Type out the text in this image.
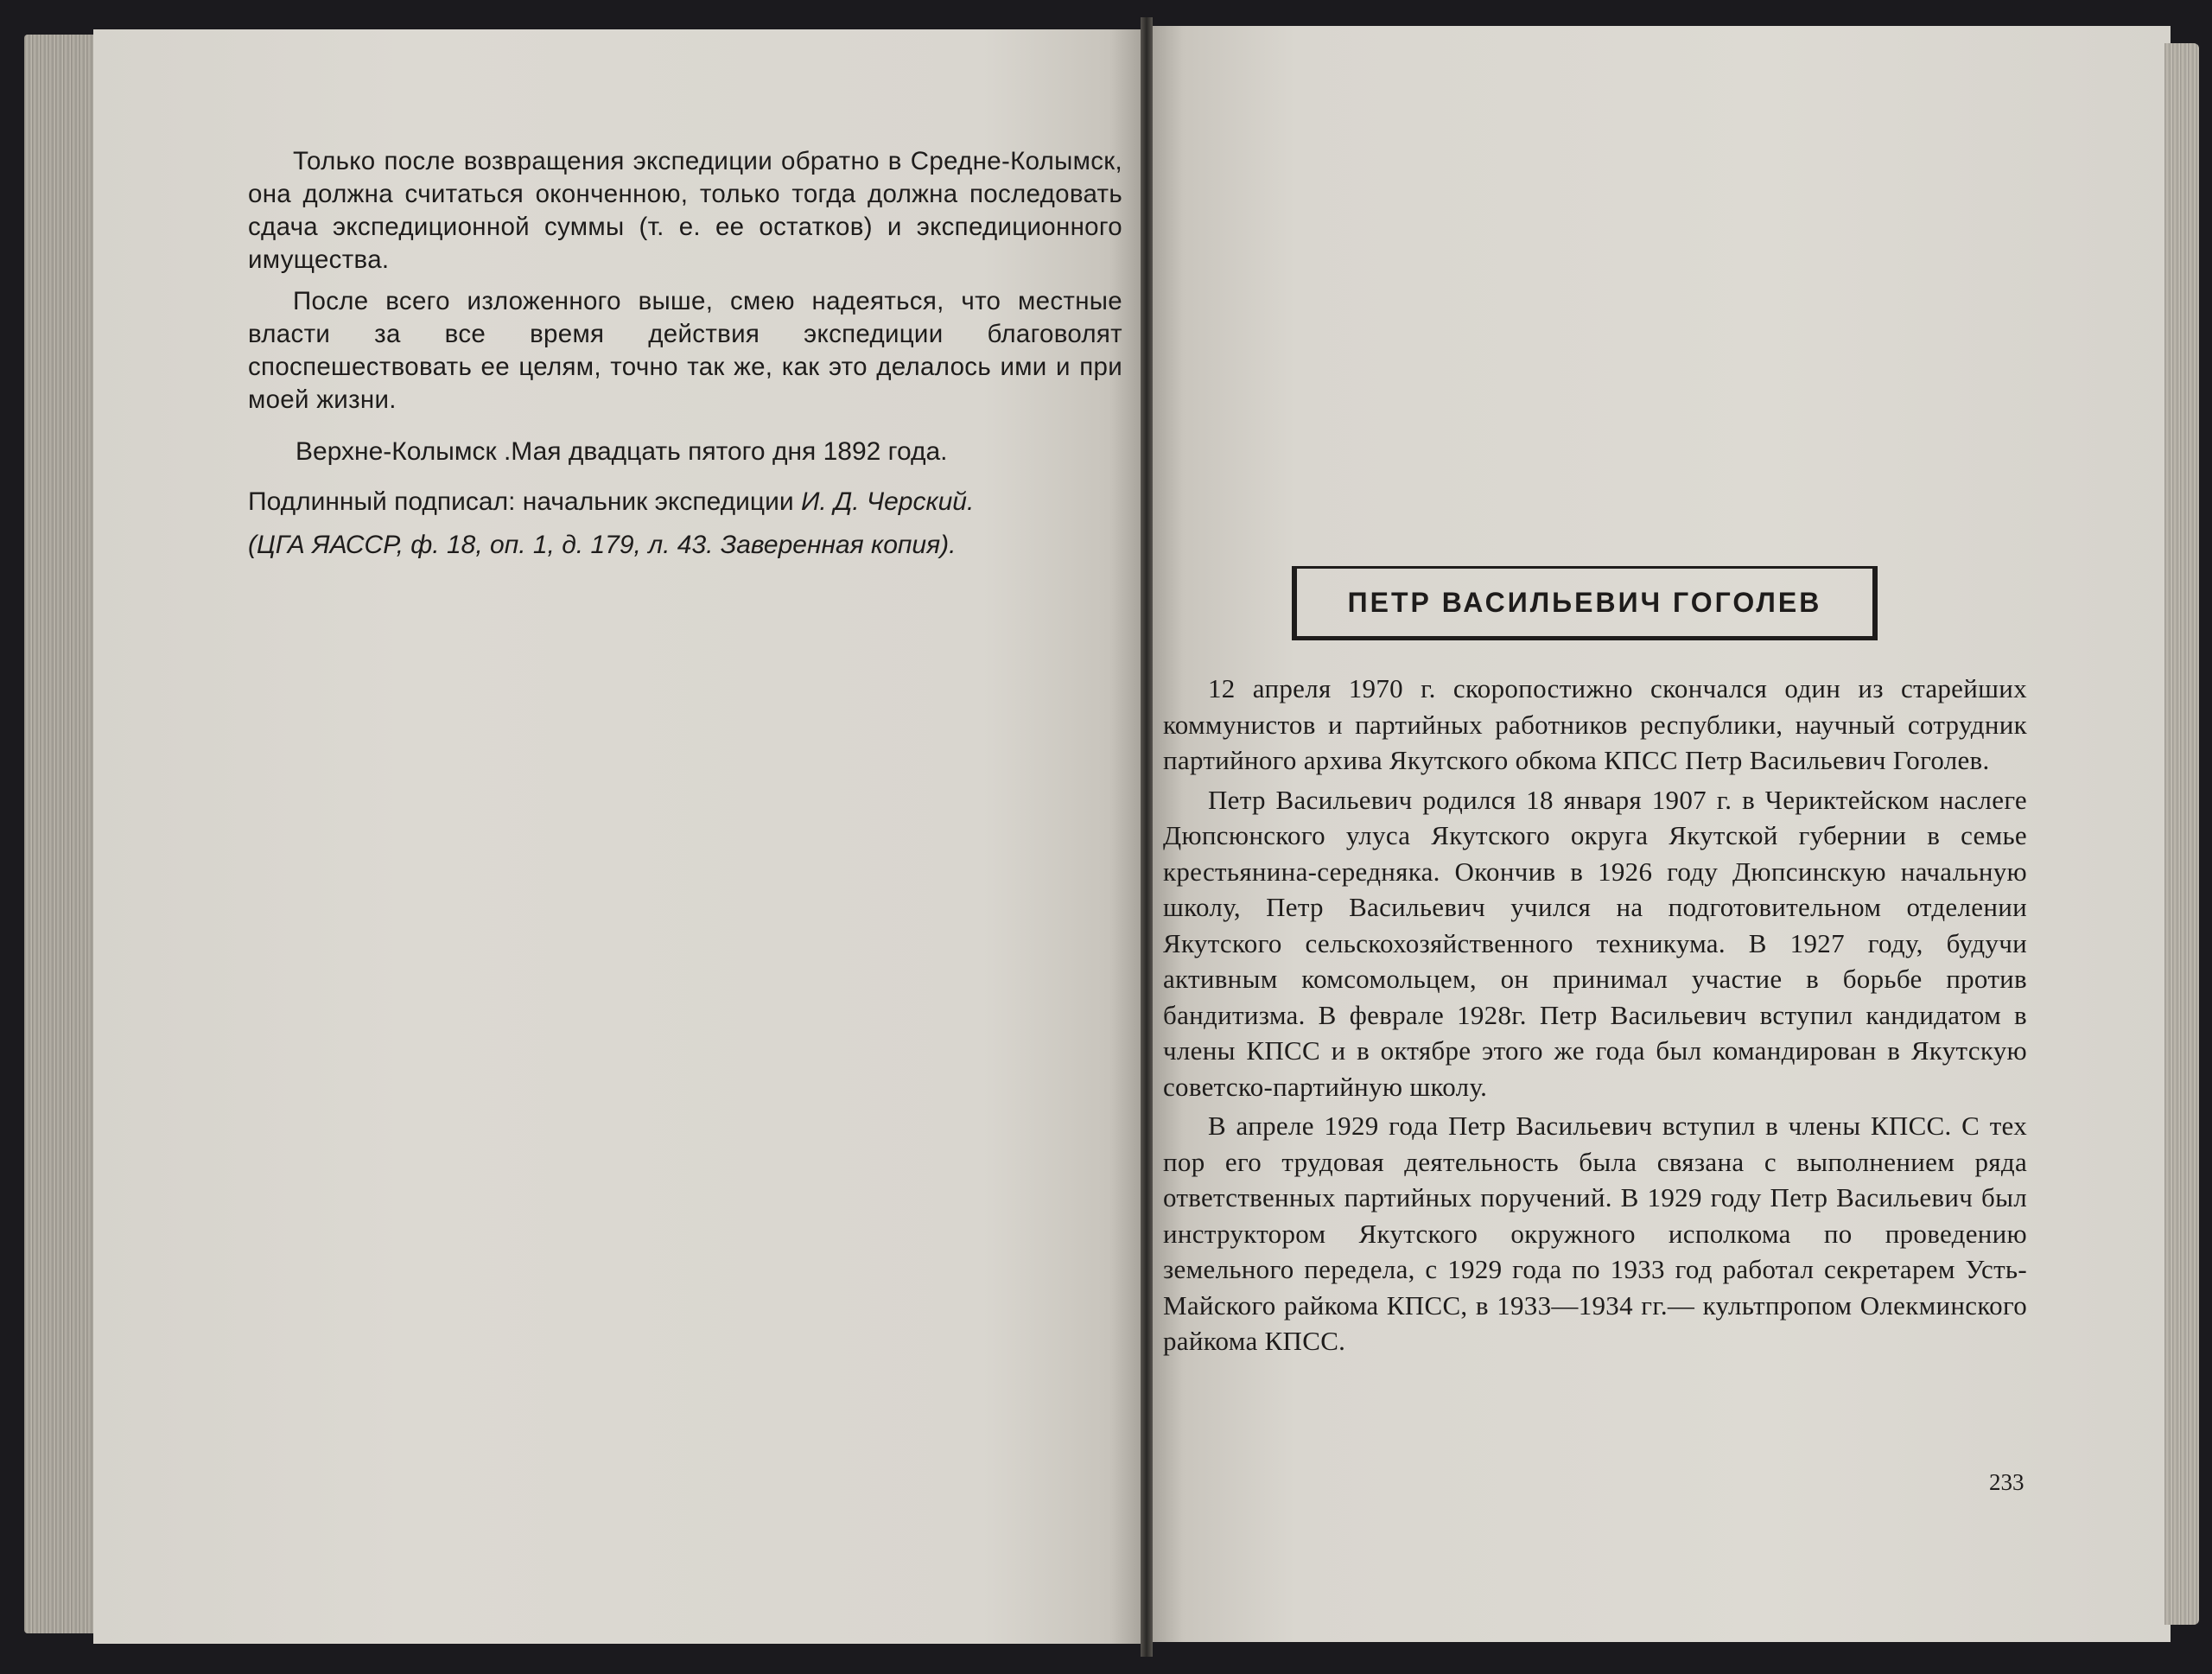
Только после возвращения экспедиции обратно в Средне-Колымск, она должна считаться оконченною, только тогда должна последовать сдача экспедиционной суммы (т. е. ее остатков) и экспедиционного имущества.

После всего изложенного выше, смею надеяться, что местные власти за все время действия экспедиции благоволят споспешествовать ее целям, точно так же, как это делалось ими и при моей жизни.

Верхне-Колымск .Мая двадцать пятого дня 1892 года.

Подлинный подписал: начальник экспедиции И. Д. Черский.

(ЦГА ЯАССР, ф. 18, оп. 1, д. 179, л. 43. Заверенная копия).

ПЕТР ВАСИЛЬЕВИЧ ГОГОЛЕВ

12 апреля 1970 г. скоропостижно скончался один из старейших коммунистов и партийных работников республики, научный сотрудник партийного архива Якутского обкома КПСС Петр Васильевич Гоголев.

Петр Васильевич родился 18 января 1907 г. в Чериктейском наслеге Дюпсюнского улуса Якутского округа Якутской губернии в семье крестьянина-середняка. Окончив в 1926 году Дюпсинскую начальную школу, Петр Васильевич учился на подготовительном отделении Якутского сельскохозяйственного техникума. В 1927 году, будучи активным комсомольцем, он принимал участие в борьбе против бандитизма. В феврале 1928г. Петр Васильевич вступил кандидатом в члены КПСС и в октябре этого же года был командирован в Якутскую советско-партийную школу.

В апреле 1929 года Петр Васильевич вступил в члены КПСС. С тех пор его трудовая деятельность была связана с выполнением ряда ответственных партийных поручений. В 1929 году Петр Васильевич был инструктором Якутского окружного исполкома по проведению земельного передела, с 1929 года по 1933 год работал секретарем Усть-Майского райкома КПСС, в 1933—1934 гг.— культпропом Олекминского райкома КПСС.

233
